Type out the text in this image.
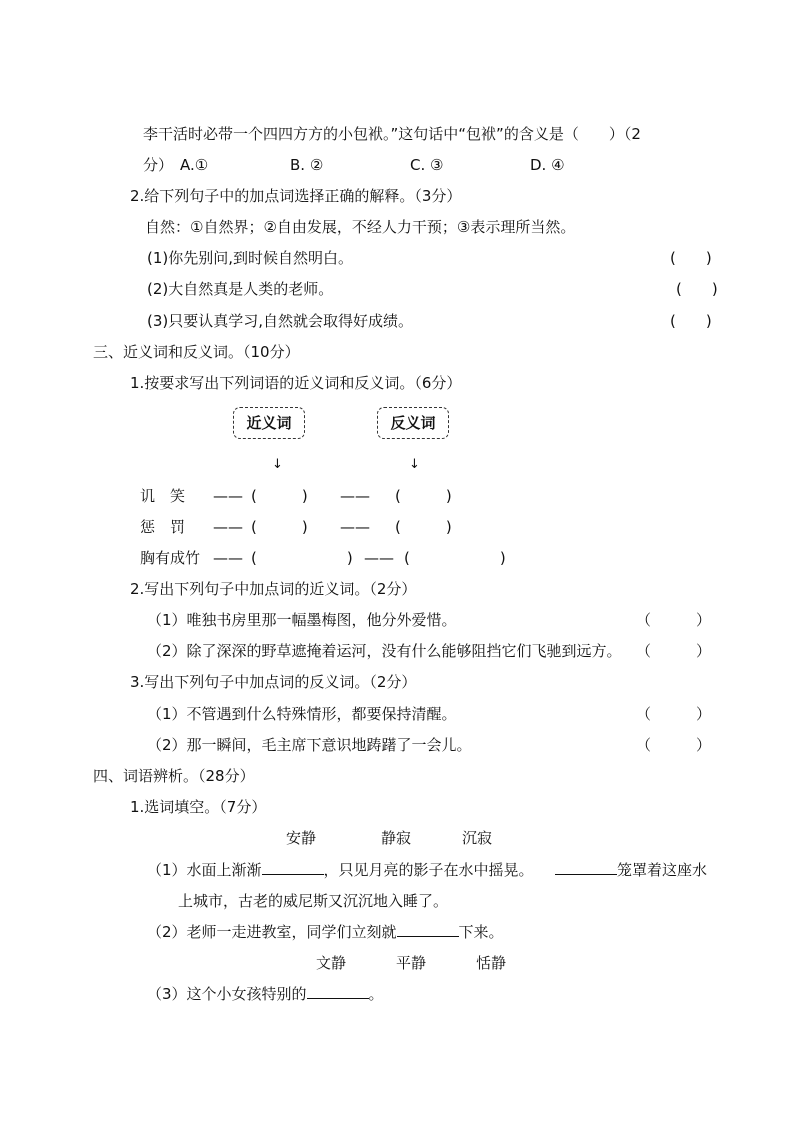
李干活时必带一个四四方方的小包袱。”这句话中“包袱”的含义是（　　）（2
分） A.①	B. ②	C. ③	D. ④
2.给下列句子中的加点词选择正确的解释。（3分）
自然：①自然界；②自由发展，不经人力干预；③表示理所当然。
(1)你先别问,到时候自然明白。	(　　)
(2)大自然真是人类的老师。	(　　)
(3)只要认真学习,自然就会取得好成绩。	(　　)
三、近义词和反义词。（10分）
1.按要求写出下列词语的近义词和反义词。（6分）
近义词	反义词
↓	↓
讥　笑 —— (　　　) —— (　　　)
惩　罚 —— (　　　) —— (　　　)
胸有成竹 —— (　　　　　　) —— (　　　　　　)
2.写出下列句子中加点词的近义词。（2分）
（1）唯独书房里那一幅墨梅图，他分外爱惜。	（　　　）
（2）除了深深的野草遮掩着运河，没有什么能够阻挡它们飞驰到远方。 （　　　）
3.写出下列句子中加点词的反义词。（2分）
（1）不管遇到什么特殊情形，都要保持清醒。	（　　　）
（2）那一瞬间，毛主席下意识地踌躇了一会儿。	（　　　）
四、词语辨析。（28分）
1.选词填空。（7分）
安静	静寂	沉寂
（1）水面上渐渐	，只见月亮的影子在水中摇晃。	笼罩着这座水
上城市，古老的威尼斯又沉沉地入睡了。
（2）老师一走进教室，同学们立刻就	下来。
文静	平静	恬静
（3）这个小女孩特别的	。
